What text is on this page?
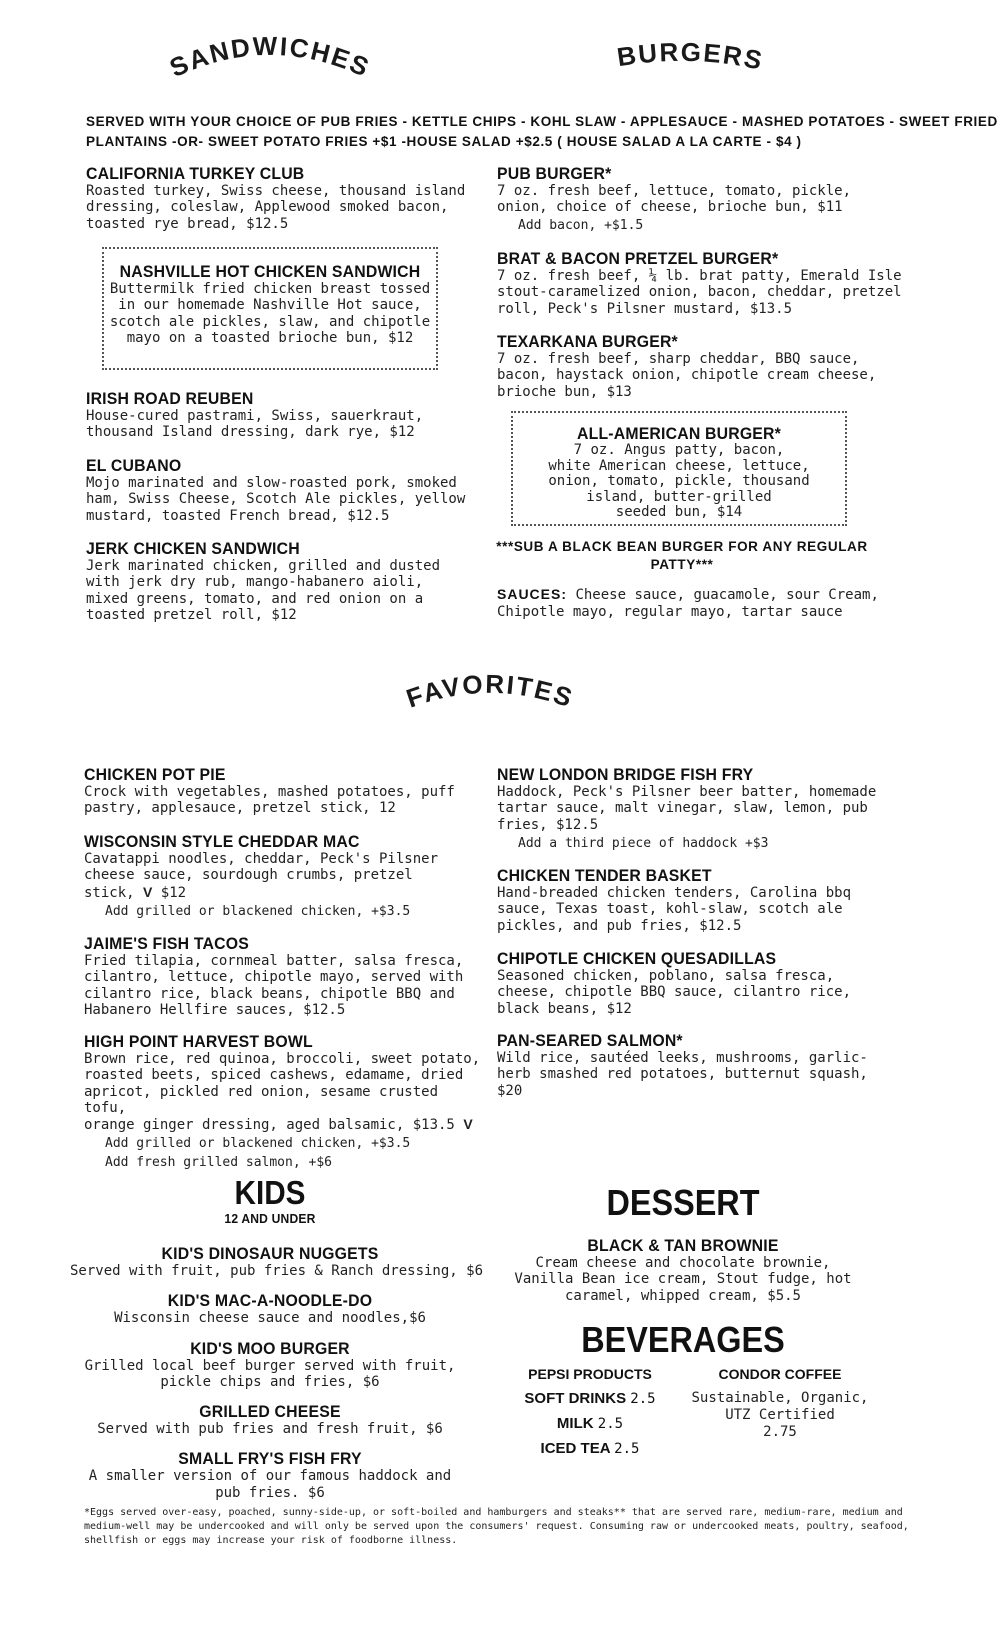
SANDWICHES	BURGERS
FAVORITES
SERVED WITH YOUR CHOICE OF PUB FRIES - KETTLE CHIPS - KOHL SLAW - APPLESAUCE - MASHED POTATOES - SWEET FRIED
PLANTAINS -OR- SWEET POTATO FRIES +$1 -HOUSE SALAD +$2.5 ( HOUSE SALAD A LA CARTE - $4 )
CALIFORNIA TURKEY CLUB
Roasted turkey, Swiss cheese, thousand island
dressing, coleslaw, Applewood smoked bacon,
toasted rye bread, $12.5
NASHVILLE HOT CHICKEN SANDWICH
Buttermilk fried chicken breast tossed
in our homemade Nashville Hot sauce,
scotch ale pickles, slaw, and chipotle
mayo on a toasted brioche bun, $12
IRISH ROAD REUBEN
House-cured pastrami, Swiss, sauerkraut,
thousand Island dressing, dark rye, $12
EL CUBANO
Mojo marinated and slow-roasted pork, smoked
ham, Swiss Cheese, Scotch Ale pickles, yellow
mustard, toasted French bread, $12.5
JERK CHICKEN SANDWICH
Jerk marinated chicken, grilled and dusted
with jerk dry rub, mango-habanero aioli,
mixed greens, tomato, and red onion on a
toasted pretzel roll, $12
PUB BURGER*
7 oz. fresh beef, lettuce, tomato, pickle,
onion, choice of cheese, brioche bun, $11
Add bacon, +$1.5
BRAT & BACON PRETZEL BURGER*
7 oz. fresh beef, ¼ lb. brat patty, Emerald Isle
stout-caramelized onion, bacon, cheddar, pretzel
roll, Peck's Pilsner mustard, $13.5
TEXARKANA BURGER*
7 oz. fresh beef, sharp cheddar, BBQ sauce,
bacon, haystack onion, chipotle cream cheese,
brioche bun, $13
ALL-AMERICAN BURGER*
7 oz. Angus patty, bacon,
white American cheese, lettuce,
onion, tomato, pickle, thousand
island, butter-grilled
seeded bun, $14
***SUB A BLACK BEAN BURGER FOR ANY REGULAR
PATTY***
SAUCES: Cheese sauce, guacamole, sour Cream,
Chipotle mayo, regular mayo, tartar sauce
CHICKEN POT PIE
Crock with vegetables, mashed potatoes, puff
pastry, applesauce, pretzel stick, 12
WISCONSIN STYLE CHEDDAR MAC
Cavatappi noodles, cheddar, Peck's Pilsner
cheese sauce, sourdough crumbs, pretzel
stick, V $12
Add grilled or blackened chicken, +$3.5
JAIME'S FISH TACOS
Fried tilapia, cornmeal batter, salsa fresca,
cilantro, lettuce, chipotle mayo, served with
cilantro rice, black beans, chipotle BBQ and
Habanero Hellfire sauces, $12.5
HIGH POINT HARVEST BOWL
Brown rice, red quinoa, broccoli, sweet potato,
roasted beets, spiced cashews, edamame, dried
apricot, pickled red onion, sesame crusted tofu,
orange ginger dressing, aged balsamic, $13.5 V
Add grilled or blackened chicken, +$3.5
Add fresh grilled salmon, +$6
NEW LONDON BRIDGE FISH FRY
Haddock, Peck's Pilsner beer batter, homemade
tartar sauce, malt vinegar, slaw, lemon, pub
fries, $12.5
Add a third piece of haddock +$3
CHICKEN TENDER BASKET
Hand-breaded chicken tenders, Carolina bbq
sauce, Texas toast, kohl-slaw, scotch ale
pickles, and pub fries, $12.5
CHIPOTLE CHICKEN QUESADILLAS
Seasoned chicken, poblano, salsa fresca,
cheese, chipotle BBQ sauce, cilantro rice,
black beans, $12
PAN-SEARED SALMON*
Wild rice, sautéed leeks, mushrooms, garlic-
herb smashed red potatoes, butternut squash,
$20
KIDS
12 AND UNDER
KID'S DINOSAUR NUGGETS
Served with fruit, pub fries & Ranch dressing, $6
KID'S MAC-A-NOODLE-DO
Wisconsin cheese sauce and noodles,$6
KID'S MOO BURGER
Grilled local beef burger served with fruit,
pickle chips and fries, $6
GRILLED CHEESE
Served with pub fries and fresh fruit, $6
SMALL FRY'S FISH FRY
A smaller version of our famous haddock and
pub fries. $6
DESSERT
BLACK & TAN BROWNIE
Cream cheese and chocolate brownie,
Vanilla Bean ice cream, Stout fudge, hot
caramel, whipped cream, $5.5
BEVERAGES
PEPSI PRODUCTS
SOFT DRINKS 2.5
MILK 2.5
ICED TEA 2.5
CONDOR COFFEE
Sustainable, Organic,
UTZ Certified
2.75
*Eggs served over-easy, poached, sunny-side-up, or soft-boiled and hamburgers and steaks** that are served rare, medium-rare, medium and
medium-well may be undercooked and will only be served upon the consumers' request. Consuming raw or undercooked meats, poultry, seafood,
shellfish or eggs may increase your risk of foodborne illness.
